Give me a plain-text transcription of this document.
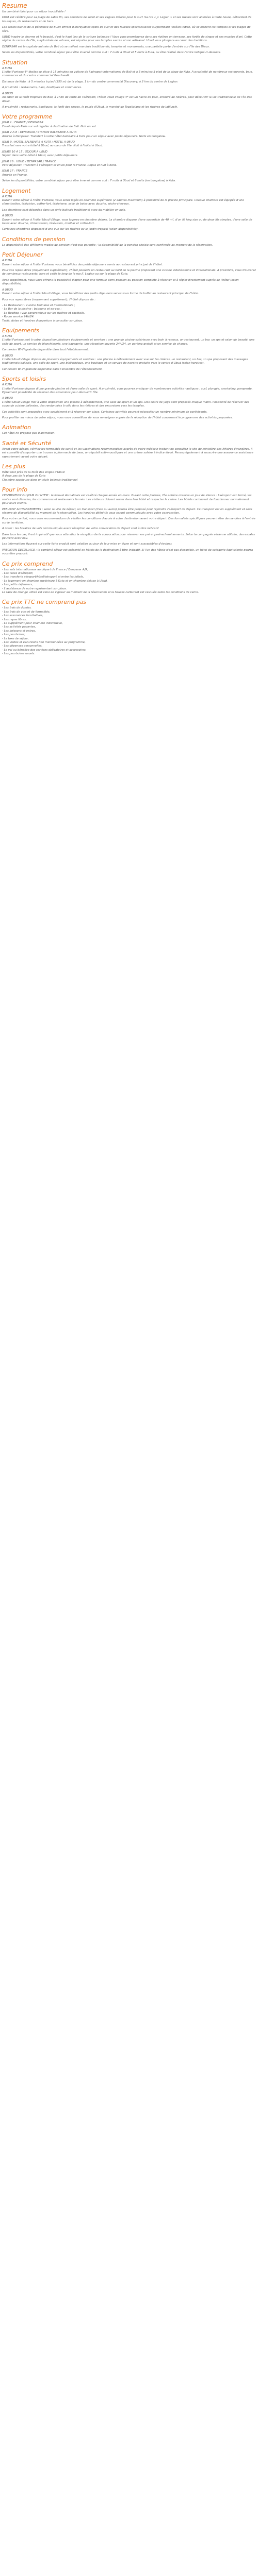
Resume

Un combiné idéal pour un séjour inoubliable !

KUTA est célèbre pour sa plage de sable fin, ses couchers de soleil et ses vagues idéales pour le surf. Sa rue « Jl. Legian » et ses ruelles sont animées à toute heure, débordant de boutiques, de restaurants et de bars.

Les sables blancs de la péninsule de Bukit offrent d'incroyables spots de surf et des falaises spectaculaires surplombant l'océan Indien, où se nichent les temples et les plages de rêve.

UBUD inspire le charme et la beauté, c'est le haut lieu de la culture balinaise ! Vous vous promènerez dans ses rizières en terrasse, ses forêts de singes et ses musées d'art. Cette région du centre de l'île, surplombée de volcans, est réputée pour ses temples sacrés et son artisanat. Ubud vous plongera au cœur des traditions.

DENPASAR est la capitale animée de Bali où se mêlent marchés traditionnels, temples et monuments, une parfaite porte d'entrée sur l'île des Dieux.

Selon les disponibilités, votre combiné séjour peut être inversé comme suit : 7 nuits à Ubud et 5 nuits à Kuta, ou être réalisé dans l'ordre indiqué ci-dessous.

Situation
A KUTA

L'hôtel Fontana 4* étoiles se situe à 15 minutes en voiture de l'aéroport international de Bali et à 5 minutes à pied de la plage de Kuta. A proximité de nombreux restaurants, bars, commerces et du centre commercial Beachwalk.

Distance de Kuta : à 5 minutes à pied (350 m) de la plage, 1 km du centre commercial Discovery, à 2 km du centre de Legian.

A proximité : restaurants, bars, boutiques et commerces.

A UBUD

Au cœur de la forêt tropicale de Bali, à 1h30 de route de l'aéroport, l'hôtel Ubud Village 4* est un havre de paix, entouré de rizières, pour découvrir la vie traditionnelle de l'île des dieux.

A proximité : restaurants, boutiques, la forêt des singes, le palais d'Ubud, le marché de Tegallalang et les rizières de Jatiluwih.

Votre programme
JOUR 1 : FRANCE / DENPASAR

Envol depuis Paris sur vol régulier à destination de Bali. Nuit en vol.

JOUR 2 A 8 : DENPASAR / STATION BALNEAIRE A KUTA

Arrivée à Denpasar. Transfert à votre hôtel balnéaire à Kuta pour un séjour avec petits déjeuners. Nuits en bungalow.

JOUR 9 : HOTEL BALNEAIRE A KUTA / HOTEL A UBUD

Transfert vers votre hôtel à Ubud, au cœur de l'île. Nuit à l'hôtel à Ubud.

JOURS 10 A 15 : SEJOUR A UBUD

Séjour dans votre hôtel à Ubud, avec petits déjeuners.

JOUR 16 : UBUD / DENPASAR / FRANCE

Petit déjeuner. Transfert à l'aéroport et envol pour la France. Repas et nuit à bord.

JOUR 17 : FRANCE

Arrivée en France.

Selon les disponibilités, votre combiné séjour peut être inversé comme suit : 7 nuits à Ubud et 6 nuits (en bungalow) à Kuta.

Logement
A KUTA

Durant votre séjour à l'hôtel Fontana, vous serez logés en chambre supérieure (2 adultes maximum) à proximité de la piscine principale. Chaque chambre est équipée d'une climatisation, télévision, coffre-fort, téléphone, salle de bains avec douche, sèche-cheveux.

Les chambres sont décorées dans un style balinais traditionnel avec du mobilier en bois.

A UBUD

Durant votre séjour à l'hôtel Ubud Village, vous logerez en chambre deluxe. La chambre dispose d'une superficie de 40 m², d'un lit king size ou de deux lits simples, d'une salle de bains avec douche, climatisation, télévision, minibar et coffre-fort.

Certaines chambres disposent d'une vue sur les rizières ou le jardin tropical (selon disponibilités).

Conditions de pension

La disponibilité des différents modes de pension n'est pas garantie ; la disponibilité de la pension choisie sera confirmée au moment de la réservation.

Petit Déjeuner
A KUTA

Durant votre séjour à l'hôtel Fontana, vous bénéficiez des petits déjeuners servis au restaurant principal de l'hôtel.

Pour vos repas libres (moyennant supplément), l'hôtel possède un restaurant au bord de la piscine proposant une cuisine indonésienne et internationale. A proximité, vous trouverez de nombreux restaurants, bars et cafés le long de la rue Jl. Legian ou sur la plage de Kuta.

Avec supplément, nous vous offrons la possibilité d'opter pour une formule demi-pension ou pension complète à réserver et à régler directement auprès de l'hôtel (selon disponibilités).

A UBUD

Durant votre séjour à l'hôtel Ubud Village, vous bénéficiez des petits déjeuners servis sous forme de buffet au restaurant principal de l'hôtel.

Pour vos repas libres (moyennant supplément), l'hôtel dispose de :

- Le Restaurant : cuisine balinaise et internationale ;
- Le Bar de la piscine : boissons et en-cas ;
- Le Rooftop : vue panoramique sur les rizières et cocktails.
- Room service 24h/24.

Tarifs, dates et horaires d'ouverture à consulter sur place.

Equipements
A KUTA

L'hôtel Fontana met à votre disposition plusieurs équipements et services : une grande piscine extérieure avec bain à remous, un restaurant, un bar, un spa et salon de beauté, une salle de sport, un service de blanchisserie, une bagagerie, une réception ouverte 24h/24, un parking gratuit et un service de change.

Connexion Wi-Fi gratuite disponible dans tout l'établissement.

A UBUD

L'hôtel Ubud Village dispose de plusieurs équipements et services : une piscine à débordement avec vue sur les rizières, un restaurant, un bar, un spa proposant des massages traditionnels balinais, une salle de sport, une bibliothèque, une boutique et un service de navette gratuite vers le centre d'Ubud (selon horaires).

Connexion Wi-Fi gratuite disponible dans l'ensemble de l'établissement.

Sports et loisirs
A KUTA

L'hôtel Fontana dispose d'une grande piscine et d'une salle de sport. A proximité, vous pourrez pratiquer de nombreuses activités nautiques : surf, plongée, snorkeling, parapente. Egalement possibilité de réserver des excursions pour découvrir l'île.

A UBUD

L'hôtel Ubud Village met à votre disposition une piscine à débordement, une salle de sport et un spa. Des cours de yoga sont proposés chaque matin. Possibilité de réserver des cours de cuisine balinaise, des randonnées à vélo dans les rizières et des excursions vers les temples.

Ces activités sont proposées avec supplément et à réserver sur place. Certaines activités peuvent nécessiter un nombre minimum de participants.

Pour profiter au mieux de votre séjour, nous vous conseillons de vous renseigner auprès de la réception de l'hôtel concernant le programme des activités proposées.

Animation

Cet hôtel ne propose pas d'animation.

Santé et Sécurité

Avant votre départ, vérifiez les formalités de santé et les vaccinations recommandées auprès de votre médecin traitant ou consultez le site du ministère des Affaires étrangères. Il est conseillé d'emporter une trousse à pharmacie de base, un répulsif anti-moustiques et une crème solaire à indice élevé. Pensez également à souscrire une assurance assistance rapatriement avant votre départ.

Les plus
Hôtel tout près de la forêt des singes d'Ubud
A deux pas de la plage de Kuta
Chambre spacieuse dans un style balinais traditionnel
Pour info

CELEBRATION DU JOUR DU NYEPI : le Nouvel An balinais est célébré chaque année en mars. Durant cette journée, l'île entière observe un jour de silence : l'aéroport est fermé, les routes sont désertes, les commerces et restaurants fermés. Les visiteurs doivent rester dans leur hôtel et respecter le calme. Les hôtels continuent de fonctionner normalement pour leurs clients.

PRE-POST ACHEMINEMENTS : selon la ville de départ, un transport (train ou avion) pourra être proposé pour rejoindre l'aéroport de départ. Ce transport est en supplément et sous réserve de disponibilité au moment de la réservation. Les horaires définitifs vous seront communiqués avec votre convocation.

Pour votre confort, nous vous recommandons de vérifier les conditions d'accès à votre destination avant votre départ. Des formalités spécifiques peuvent être demandées à l'entrée sur le territoire.

A noter : les horaires de vols communiqués avant réception de votre convocation de départ sont à titre indicatif.

Dans tous les cas, il est impératif que vous attendiez la réception de la convocation pour réserver vos pré et post-acheminements. Selon la compagnie aérienne utilisée, des escales peuvent avoir lieu.

Les informations figurant sur cette fiche produit sont valables au jour de leur mise en ligne et sont susceptibles d'évoluer.

PRECISION DECOLLAGE : le combiné séjour est présenté en hôtels de la destination à titre indicatif. Si l'un des hôtels n'est pas disponible, un hôtel de catégorie équivalente pourra vous être proposé.

Ce prix comprend
- Les vols internationaux au départ de France / Denpasar A/R,
- Les taxes d'aéroport,
- Les transferts aéroport/hôtel/aéroport et entre les hôtels,
- Le logement en chambre supérieure à Kuta et en chambre deluxe à Ubud,
- Les petits déjeuners,
- L'assistance de notre représentant sur place.

Le taux de change utilisé est celui en vigueur au moment de la réservation et la hausse carburant est calculée selon les conditions de vente.

Ce prix TTC ne comprend pas
- Les frais de dossier,
- Les frais de visa et de formalités,
- Les assurances facultatives,
- Les repas libres,
- Le supplément pour chambre individuelle,
- Les activités payantes,
- Les boissons et extras,
- Les pourboires,
- La taxe de séjour,
- Les visites et excursions non mentionnées au programme,
- Les dépenses personnelles,
- Le vol au bénéfice des services obligatoires et accessoires,
- Les pourboires usuels.
